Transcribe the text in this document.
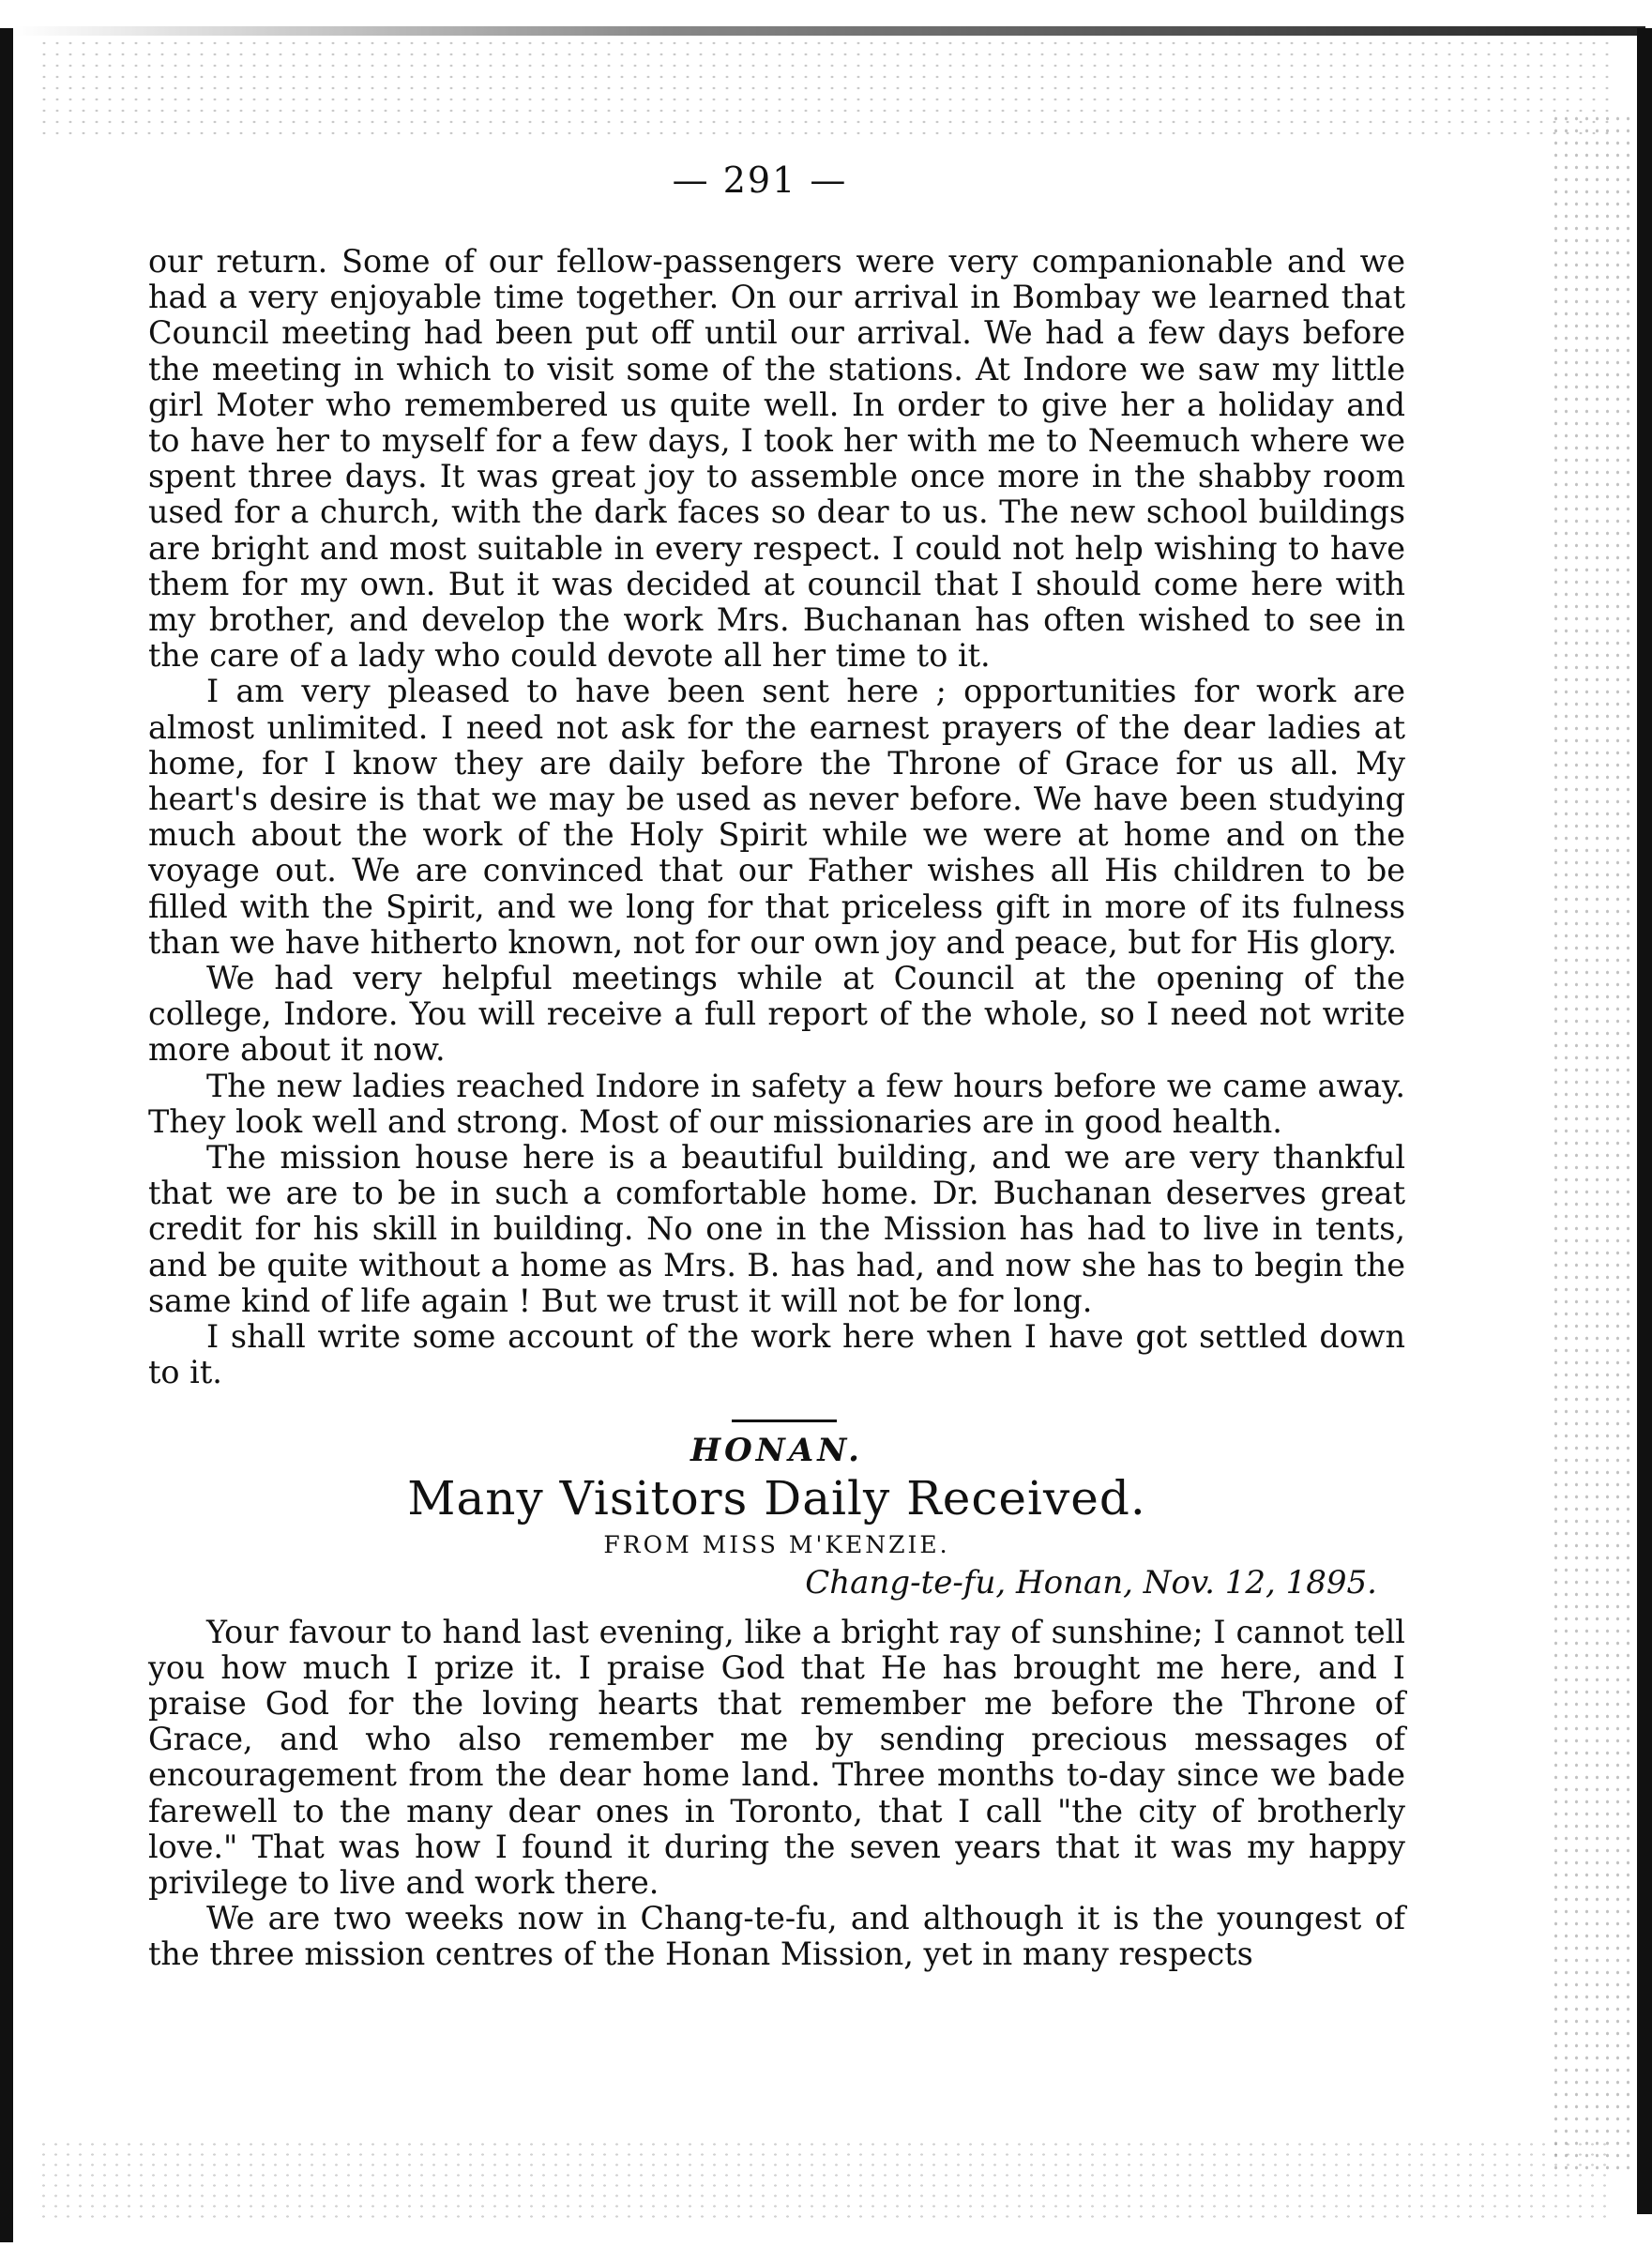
— 291 —

our return. Some of our fellow-passengers were very companionable and we had a very enjoyable time together. On our arrival in Bombay we learned that Council meeting had been put off until our arrival. We had a few days before the meeting in which to visit some of the stations. At Indore we saw my little girl Moter who remembered us quite well. In order to give her a holiday and to have her to myself for a few days, I took her with me to Neemuch where we spent three days. It was great joy to assemble once more in the shabby room used for a church, with the dark faces so dear to us. The new school buildings are bright and most suitable in every respect. I could not help wishing to have them for my own. But it was decided at council that I should come here with my brother, and develop the work Mrs. Buchanan has often wished to see in the care of a lady who could devote all her time to it.

I am very pleased to have been sent here ; opportunities for work are almost unlimited. I need not ask for the earnest prayers of the dear ladies at home, for I know they are daily before the Throne of Grace for us all. My heart's desire is that we may be used as never before. We have been studying much about the work of the Holy Spirit while we were at home and on the voyage out. We are convinced that our Father wishes all His children to be filled with the Spirit, and we long for that priceless gift in more of its fulness than we have hitherto known, not for our own joy and peace, but for His glory.

We had very helpful meetings while at Council at the opening of the college, Indore. You will receive a full report of the whole, so I need not write more about it now.

The new ladies reached Indore in safety a few hours before we came away. They look well and strong. Most of our missionaries are in good health.

The mission house here is a beautiful building, and we are very thankful that we are to be in such a comfortable home. Dr. Buchanan deserves great credit for his skill in building. No one in the Mission has had to live in tents, and be quite without a home as Mrs. B. has had, and now she has to begin the same kind of life again ! But we trust it will not be for long.

I shall write some account of the work here when I have got settled down to it.

HONAN.
Many Visitors Daily Received.
FROM MISS M'KENZIE.
Chang-te-fu, Honan, Nov. 12, 1895.

Your favour to hand last evening, like a bright ray of sunshine; I cannot tell you how much I prize it. I praise God that He has brought me here, and I praise God for the loving hearts that remember me before the Throne of Grace, and who also remember me by sending precious messages of encouragement from the dear home land. Three months to-day since we bade farewell to the many dear ones in Toronto, that I call "the city of brotherly love." That was how I found it during the seven years that it was my happy privilege to live and work there.

We are two weeks now in Chang-te-fu, and although it is the youngest of the three mission centres of the Honan Mission, yet in many respects
